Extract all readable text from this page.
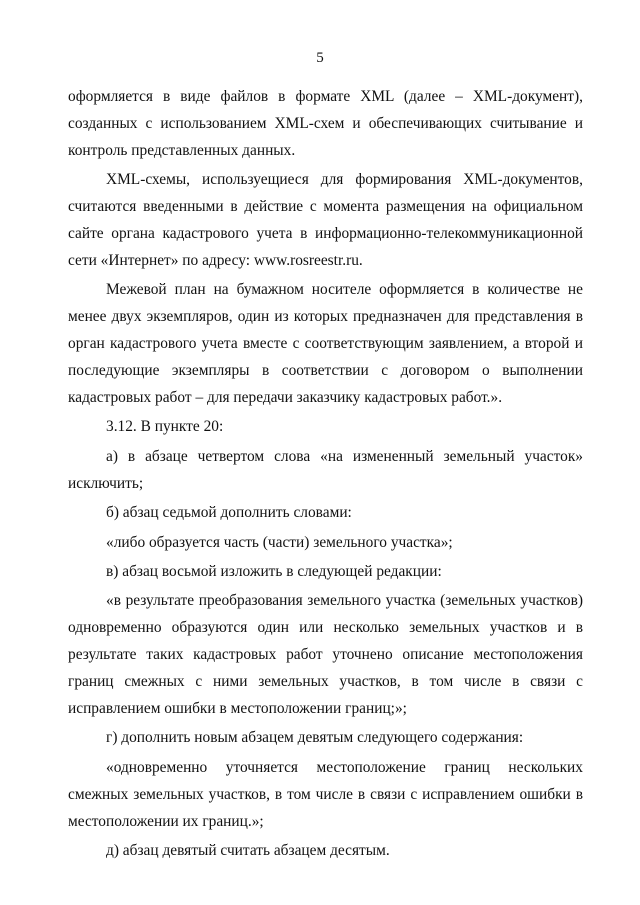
5

оформляется в виде файлов в формате XML (далее – XML-документ), созданных с использованием XML-схем и обеспечивающих считывание и контроль представленных данных.

XML-схемы, используещиеся для формирования XML-документов, считаются введенными в действие с момента размещения на официальном сайте органа кадастрового учета в информационно-телекоммуникационной сети «Интернет» по адресу: www.rosreestr.ru.

Межевой план на бумажном носителе оформляется в количестве не менее двух экземпляров, один из которых предназначен для представления в орган кадастрового учета вместе с соответствующим заявлением, а второй и последующие экземпляры в соответствии с договором о выполнении кадастровых работ – для передачи заказчику кадастровых работ.».

3.12. В пункте 20:

а) в абзаце четвертом слова «на измененный земельный участок» исключить;

б) абзац седьмой дополнить словами:

«либо образуется часть (части) земельного участка»;

в) абзац восьмой изложить в следующей редакции:

«в результате преобразования земельного участка (земельных участков) одновременно образуются один или несколько земельных участков и в результате таких кадастровых работ уточнено описание местоположения границ смежных с ними земельных участков, в том числе в связи с исправлением ошибки в местоположении границ;»;

г) дополнить новым абзацем девятым следующего содержания:

«одновременно уточняется местоположение границ нескольких смежных земельных участков, в том числе в связи с исправлением ошибки в местоположении их границ.»;

д) абзац девятый считать абзацем десятым.
